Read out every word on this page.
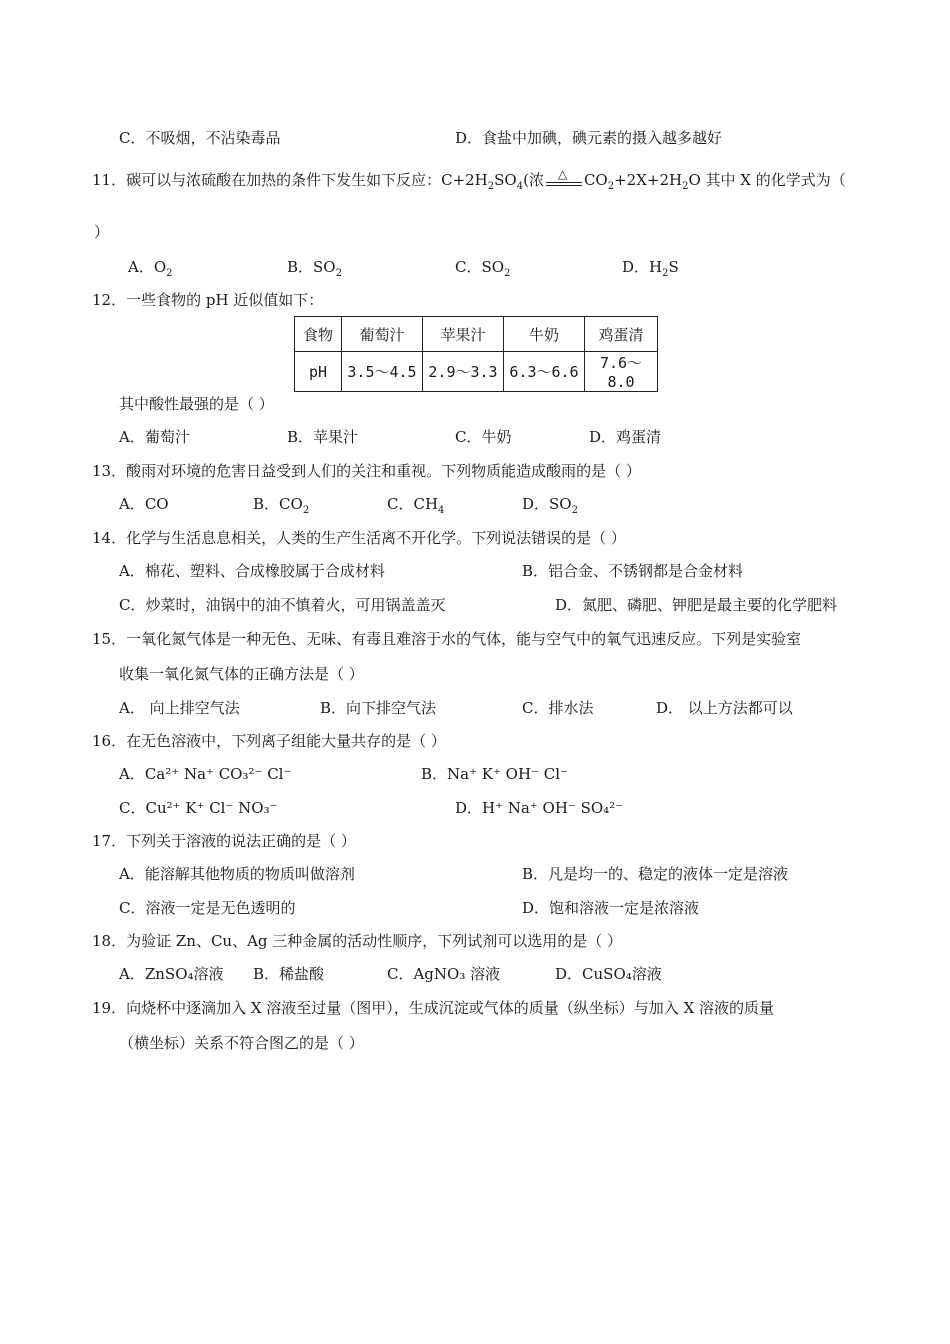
C．不吸烟，不沾染毒品	D．食盐中加碘，碘元素的摄入越多越好
11．碳可以与浓硫酸在加热的条件下发生如下反应：$C+2H_2SO_4$(浓 △ $CO_2+2X+2H_2O$ 其中 X 的化学式为（
）
A．$O_2$	B．$SO_2$	C．$SO_2$	D．$H_2S$
12．一些食物的 pH 近似值如下：
食物	葡萄汁	苹果汁	牛奶	鸡蛋清
pH	3.5～4.5	2.9～3.3	6.3～6.6	7.6～8.0
其中酸性最强的是（ ）
A．葡萄汁	B．苹果汁	C．牛奶	D．鸡蛋清
13．酸雨对环境的危害日益受到人们的关注和重视。下列物质能造成酸雨的是（ ）
A．CO	B．$CO_2$	C．$CH_4$	D．$SO_2$
14．化学与生活息息相关，人类的生产生活离不开化学。下列说法错误的是（ ）
A．棉花、塑料、合成橡胶属于合成材料	B．铝合金、不锈钢都是合金材料
C．炒菜时，油锅中的油不慎着火，可用锅盖盖灭	D．氮肥、磷肥、钾肥是最主要的化学肥料
15．一氧化氮气体是一种无色、无味、有毒且难溶于水的气体，能与空气中的氧气迅速反应。下列是实验室
收集一氧化氮气体的正确方法是（ ）
A． 向上排空气法	B．向下排空气法	C．排水法	D． 以上方法都可以
16．在无色溶液中，下列离子组能大量共存的是（ ）
A．Ca²⁺ Na⁺ CO₃²⁻ Cl⁻	B．Na⁺ K⁺ OH⁻ Cl⁻
C．Cu²⁺ K⁺ Cl⁻ NO₃⁻	D．H⁺ Na⁺ OH⁻ SO₄²⁻
17．下列关于溶液的说法正确的是（ ）
A．能溶解其他物质的物质叫做溶剂	B．凡是均一的、稳定的液体一定是溶液
C．溶液一定是无色透明的	D．饱和溶液一定是浓溶液
18．为验证 Zn、Cu、Ag 三种金属的活动性顺序，下列试剂可以选用的是（ ）
A．ZnSO₄溶液 B．稀盐酸	C．AgNO₃ 溶液	D．CuSO₄溶液
19．向烧杯中逐滴加入 X 溶液至过量（图甲），生成沉淀或气体的质量（纵坐标）与加入 X 溶液的质量
（横坐标）关系不符合图乙的是（ ）
